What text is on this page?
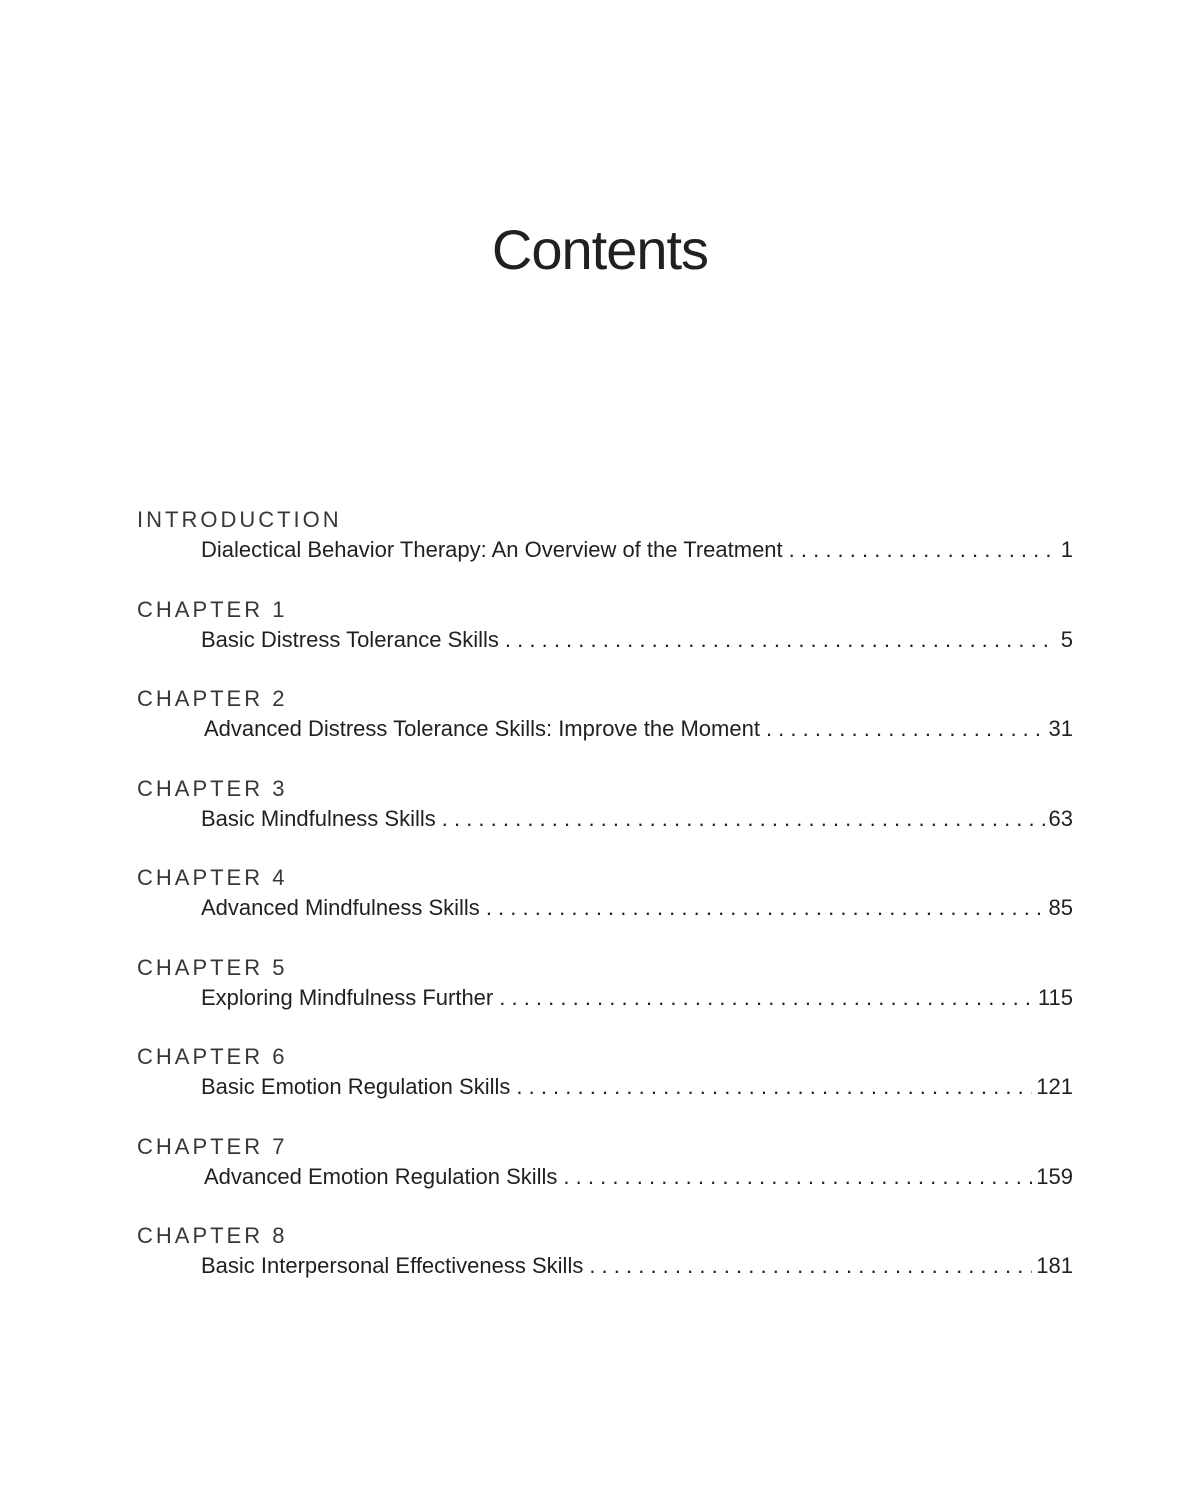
Contents
INTRODUCTION
Dialectical Behavior Therapy: An Overview of the Treatment . . .	1
CHAPTER 1
Basic Distress Tolerance Skills . . .	5
CHAPTER 2
Advanced Distress Tolerance Skills: Improve the Moment . . .	31
CHAPTER 3
Basic Mindfulness Skills . . .	63
CHAPTER 4
Advanced Mindfulness Skills . . .	85
CHAPTER 5
Exploring Mindfulness Further . . .	115
CHAPTER 6
Basic Emotion Regulation Skills . . .	121
CHAPTER 7
Advanced Emotion Regulation Skills . . .	159
CHAPTER 8
Basic Interpersonal Effectiveness Skills . . .	181
